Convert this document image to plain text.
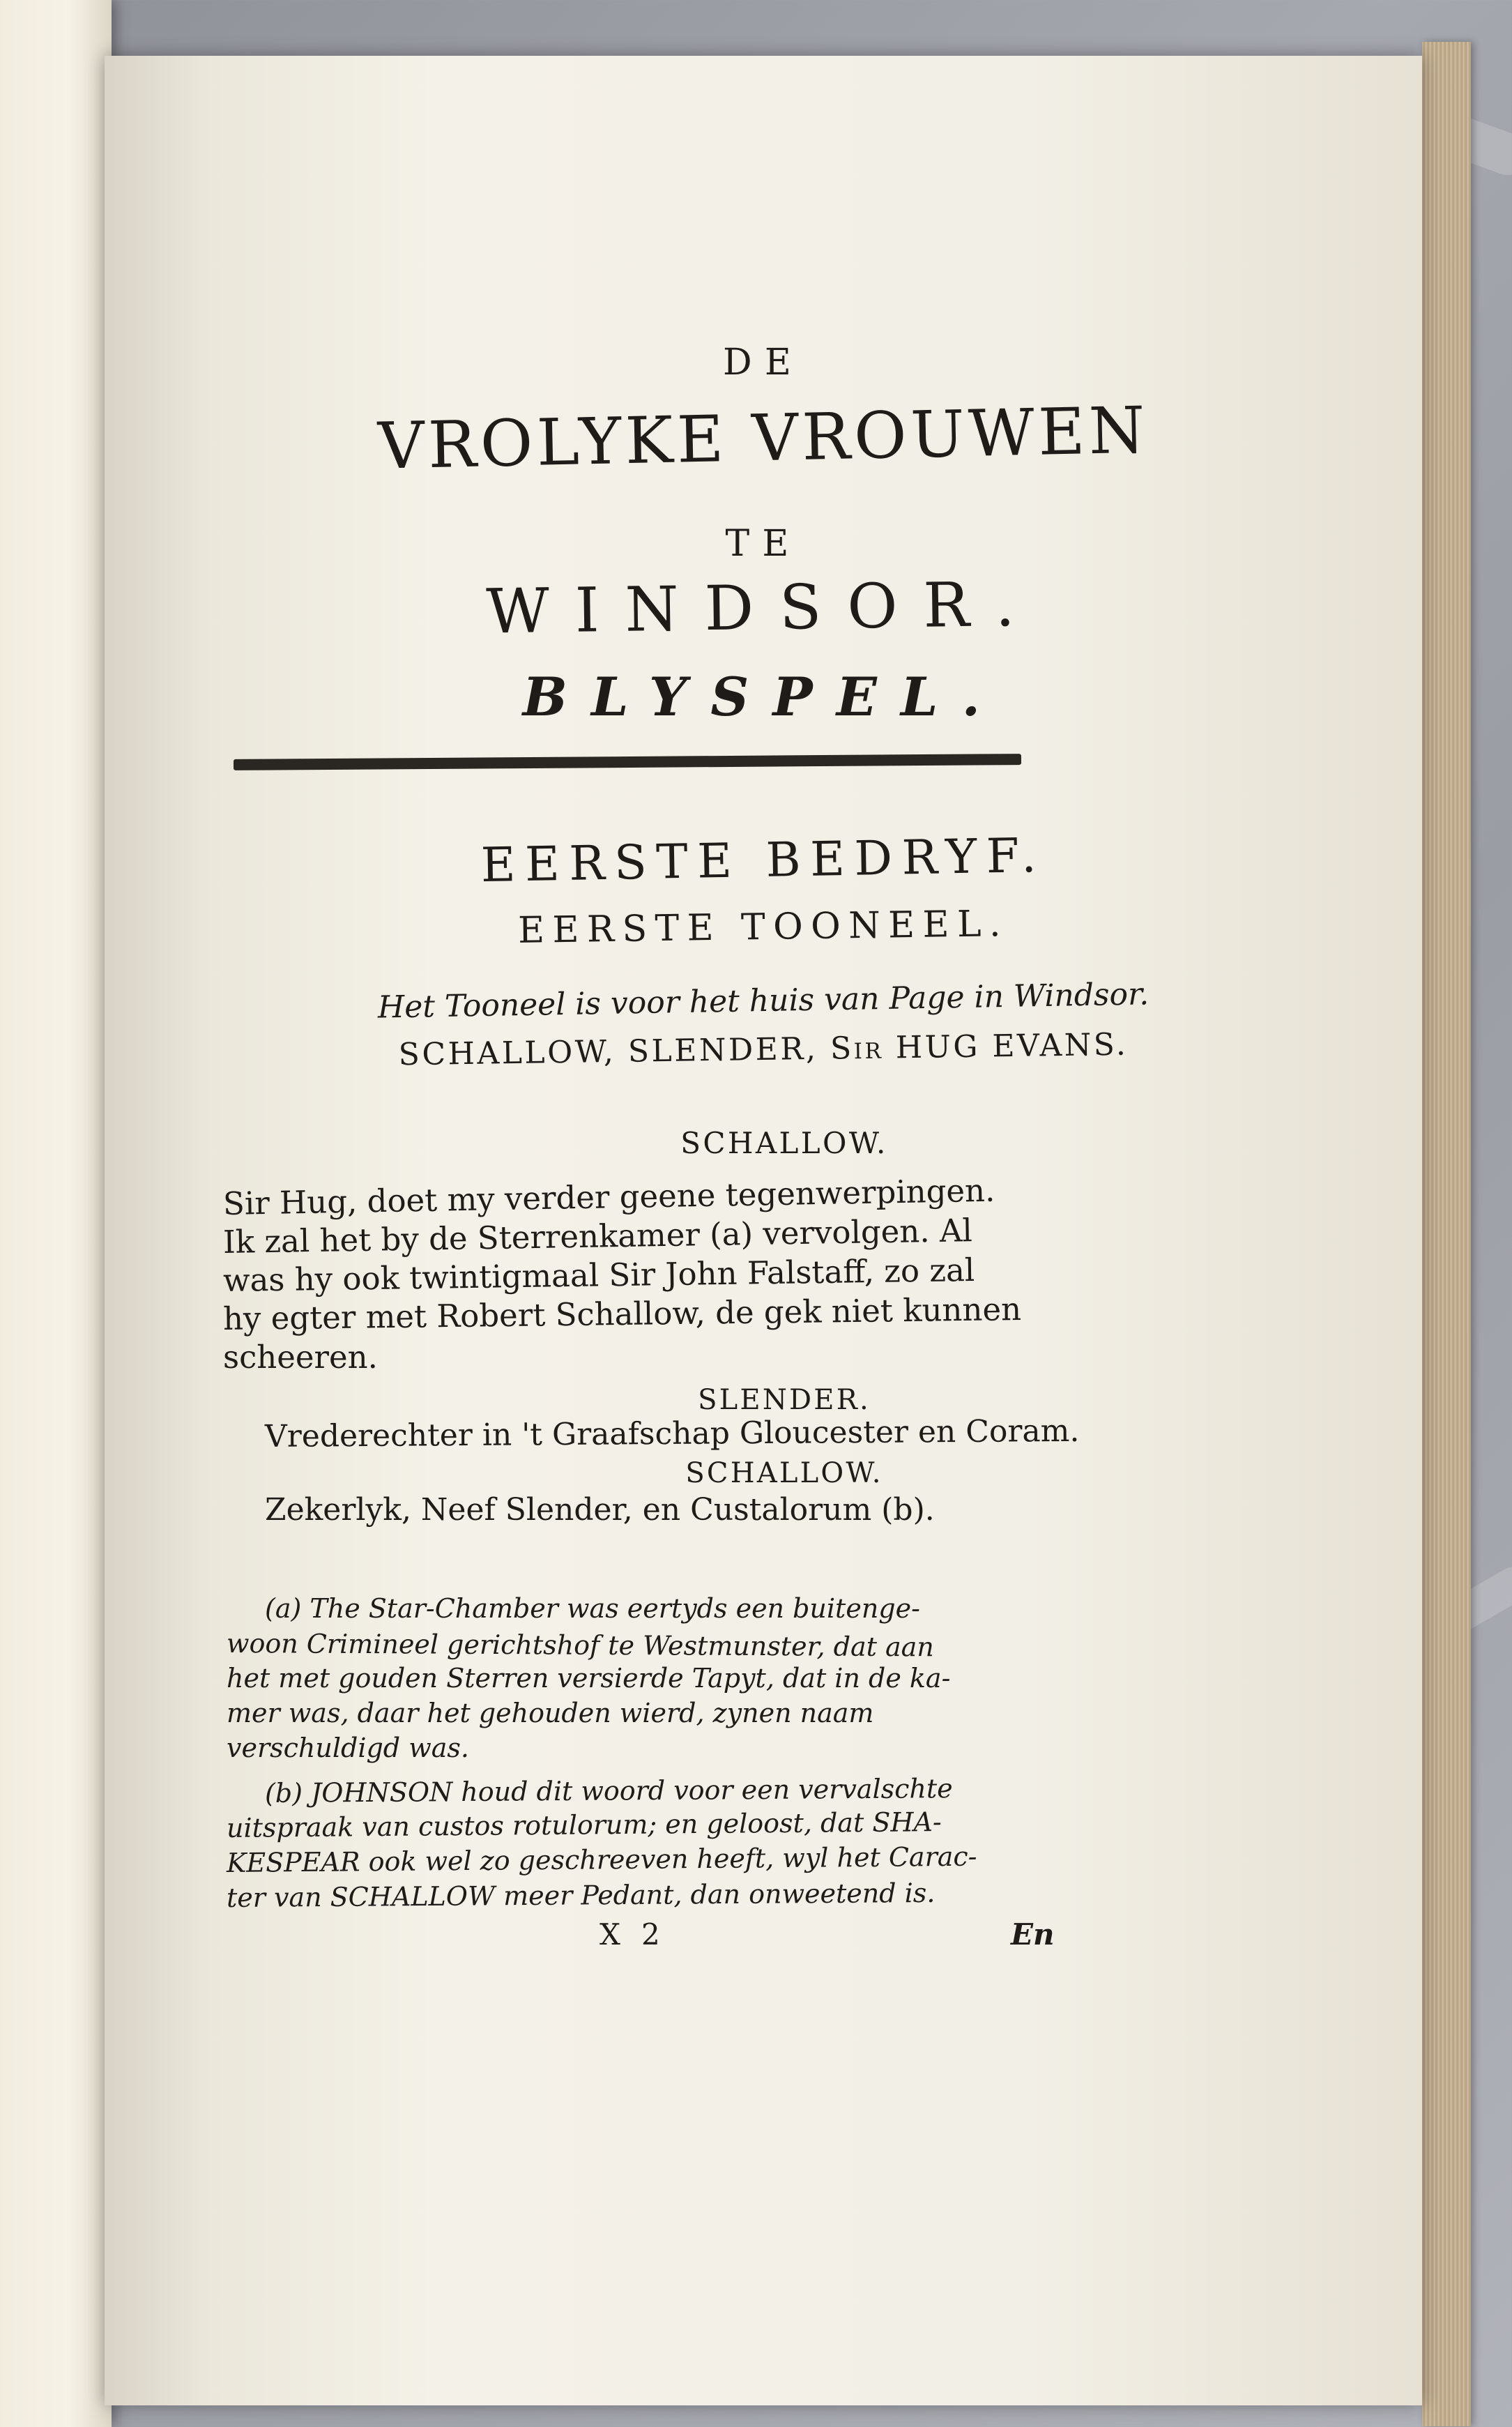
DE
VROLYKE VROUWEN
TE
WINDSOR.
BLYSPEL.
EERSTE BEDRYF.
EERSTE TOONEEL.
Het Tooneel is voor het huis van Page in Windsor.
SCHALLOW, SLENDER, Sir HUG EVANS.
SCHALLOW.
Sir Hug, doet my verder geene tegenwerpingen.
Ik zal het by de Sterrenkamer (a) vervolgen. Al
was hy ook twintigmaal Sir John Falstaff, zo zal
hy egter met Robert Schallow, de gek niet kunnen
scheeren.
SLENDER.
Vrederechter in 't Graafschap Gloucester en Coram.
SCHALLOW.
Zekerlyk, Neef Slender, en Custalorum (b).
(a) The Star-Chamber was eertyds een buitenge-
woon Crimineel gerichtshof te Westmunster, dat aan
het met gouden Sterren versierde Tapyt, dat in de ka-
mer was, daar het gehouden wierd, zynen naam
verschuldigd was.
(b) JOHNSON houd dit woord voor een vervalschte
uitspraak van custos rotulorum; en geloost, dat SHA-
KESPEAR ook wel zo geschreeven heeft, wyl het Carac-
ter van SCHALLOW meer Pedant, dan onweetend is.
X 2	En
